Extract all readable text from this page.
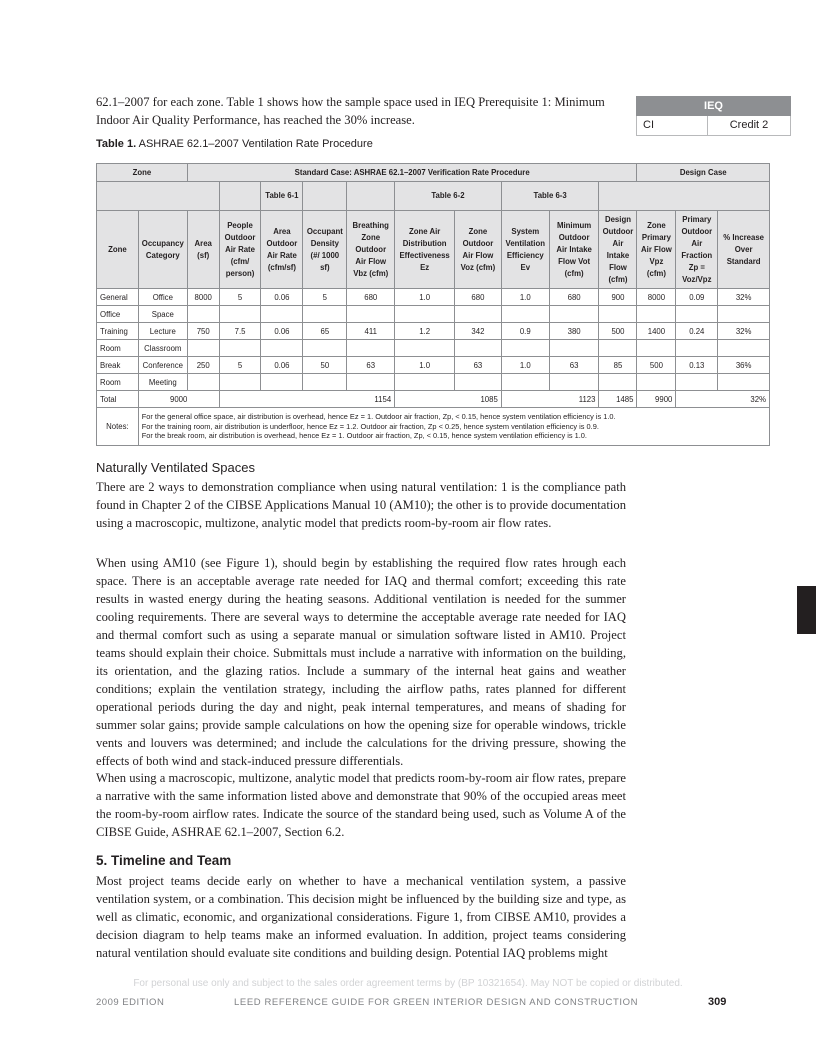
IEQ
CI	Credit 2

62.1–2007 for each zone. Table 1 shows how the sample space used in IEQ Prerequisite 1: Minimum Indoor Air Quality Performance, has reached the 30% increase.

Table 1. ASHRAE 62.1–2007 Ventilation Rate Procedure

Zone		Standard Case: ASHRAE 62.1–2007 Verification Rate Procedure										Design Case		
				Table 6-1			Table 6-2		Table 6-3					
Zone	Occupancy Category	Area (sf)	People Outdoor Air Rate (cfm/ person)	Area Outdoor Air Rate (cfm/sf)	Occupant Density (#/ 1000 sf)	Breathing Zone Outdoor Air Flow Vbz (cfm)	Zone Air Distribution Effectiveness Ez	Zone Outdoor Air Flow Voz (cfm)	System Ventilation Efficiency Ev	Minimum Outdoor Air Intake Flow Vot (cfm)	Design Outdoor Air Intake Flow (cfm)	Zone Primary Air Flow Vpz (cfm)	Primary Outdoor Air Fraction Zp = Voz/Vpz	% Increase Over Standard
General	Office	8000	5	0.06	5	680	1.0	680	1.0	680	900	8000	0.09	32%
Office	Space													
Training	Lecture	750	7.5	0.06	65	411	1.2	342	0.9	380	500	1400	0.24	32%
Room	Classroom													
Break	Conference	250	5	0.06	50	63	1.0	63	1.0	63	85	500	0.13	36%
Room	Meeting													
Total	9000		1154				1085		1123		1485	9900	32%	
Notes:	For the general office space, air distribution is overhead, hence Ez = 1. Outdoor air fraction, Zp, < 0.15, hence system ventilation efficiency is 1.0.
For the training room, air distribution is underfloor, hence Ez = 1.2. Outdoor air fraction, Zp < 0.25, hence system ventilation efficiency is 0.9.
For the break room, air distribution is overhead, hence Ez = 1. Outdoor air fraction, Zp, < 0.15, hence system ventilation efficiency is 1.0.													
Naturally Ventilated Spaces

There are 2 ways to demonstration compliance when using natural ventilation: 1 is the compliance path found in Chapter 2 of the CIBSE Applications Manual 10 (AM10); the other is to provide documentation using a macroscopic, multizone, analytic model that predicts room-by-room air flow rates.

When using AM10 (see Figure 1), should begin by establishing the required flow rates hrough each space. There is an acceptable average rate needed for IAQ and thermal comfort; exceeding this rate results in wasted energy during the heating seasons. Additional ventilation is needed for the summer cooling requirements. There are several ways to determine the acceptable average rate needed for IAQ and thermal comfort such as using a separate manual or simulation software listed in AM10. Project teams should explain their choice. Submittals must include a narrative with information on the building, its orientation, and the glazing ratios. Include a summary of the internal heat gains and weather conditions; explain the ventilation strategy, including the airflow paths, rates planned for different operational periods during the day and night, peak internal temperatures, and means of shading for summer solar gains; provide sample calculations on how the opening size for operable windows, trickle vents and louvers was determined; and include the calculations for the driving pressure, showing the effects of both wind and stack-induced pressure differentials.

When using a macroscopic, multizone, analytic model that predicts room-by-room air flow rates, prepare a narrative with the same information listed above and demonstrate that 90% of the occupied areas meet the room-by-room airflow rates. Indicate the source of the standard being used, such as Volume A of the CIBSE Guide, ASHRAE 62.1–2007, Section 6.2.

5. Timeline and Team

Most project teams decide early on whether to have a mechanical ventilation system, a passive ventilation system, or a combination. This decision might be influenced by the building size and type, as well as climatic, economic, and organizational considerations. Figure 1, from CIBSE AM10, provides a decision diagram to help teams make an informed evaluation. In addition, project teams considering natural ventilation should evaluate site conditions and building design. Potential IAQ problems might

For personal use only and subject to the sales order agreement terms by (BP 10321654). May NOT be copied or distributed.
2009 EDITION	LEED REFERENCE GUIDE FOR GREEN INTERIOR DESIGN AND CONSTRUCTION	309
